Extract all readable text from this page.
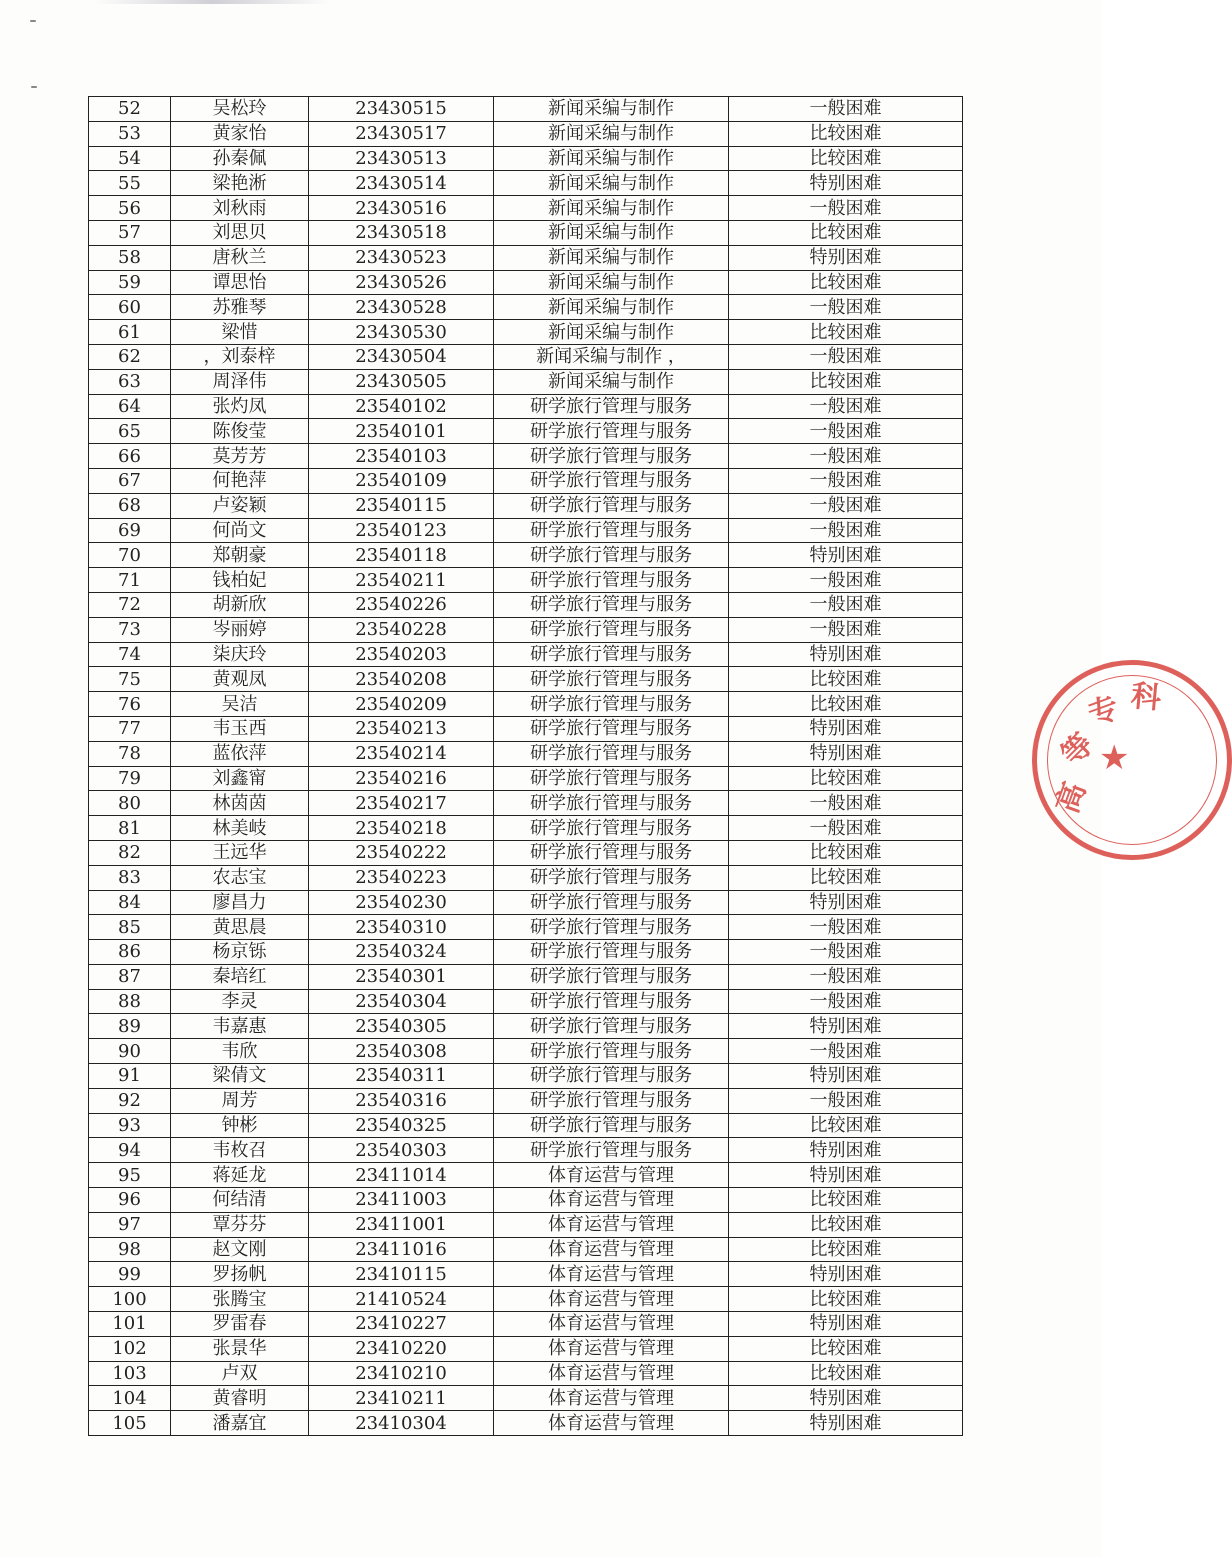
52	吴松玲	23430515	新闻采编与制作	一般困难
53	黄家怡	23430517	新闻采编与制作	比较困难
54	孙秦佩	23430513	新闻采编与制作	比较困难
55	梁艳淅	23430514	新闻采编与制作	特别困难
56	刘秋雨	23430516	新闻采编与制作	一般困难
57	刘思贝	23430518	新闻采编与制作	比较困难
58	唐秋兰	23430523	新闻采编与制作	特别困难
59	谭思怡	23430526	新闻采编与制作	比较困难
60	苏雅琴	23430528	新闻采编与制作	一般困难
61	梁惜	23430530	新闻采编与制作	比较困难
62	，刘泰梓	23430504	新闻采编与制作 ，	一般困难
63	周泽伟	23430505	新闻采编与制作	比较困难
64	张灼凤	23540102	研学旅行管理与服务	一般困难
65	陈俊莹	23540101	研学旅行管理与服务	一般困难
66	莫芳芳	23540103	研学旅行管理与服务	一般困难
67	何艳萍	23540109	研学旅行管理与服务	一般困难
68	卢姿颖	23540115	研学旅行管理与服务	一般困难
69	何尚文	23540123	研学旅行管理与服务	一般困难
70	郑朝豪	23540118	研学旅行管理与服务	特别困难
71	钱柏妃	23540211	研学旅行管理与服务	一般困难
72	胡新欣	23540226	研学旅行管理与服务	一般困难
73	岑丽婷	23540228	研学旅行管理与服务	一般困难
74	柒庆玲	23540203	研学旅行管理与服务	特别困难
75	黄观凤	23540208	研学旅行管理与服务	比较困难
76	吴洁	23540209	研学旅行管理与服务	比较困难
77	韦玉西	23540213	研学旅行管理与服务	特别困难
78	蓝依萍	23540214	研学旅行管理与服务	特别困难
79	刘鑫甯	23540216	研学旅行管理与服务	比较困难
80	林茵茵	23540217	研学旅行管理与服务	一般困难
81	林美岐	23540218	研学旅行管理与服务	一般困难
82	王远华	23540222	研学旅行管理与服务	比较困难
83	农志宝	23540223	研学旅行管理与服务	比较困难
84	廖昌力	23540230	研学旅行管理与服务	特别困难
85	黄思晨	23540310	研学旅行管理与服务	一般困难
86	杨京铄	23540324	研学旅行管理与服务	一般困难
87	秦培红	23540301	研学旅行管理与服务	一般困难
88	李灵	23540304	研学旅行管理与服务	一般困难
89	韦嘉惠	23540305	研学旅行管理与服务	特别困难
90	韦欣	23540308	研学旅行管理与服务	一般困难
91	梁倩文	23540311	研学旅行管理与服务	特别困难
92	周芳	23540316	研学旅行管理与服务	一般困难
93	钟彬	23540325	研学旅行管理与服务	比较困难
94	韦枚召	23540303	研学旅行管理与服务	特别困难
95	蒋延龙	23411014	体育运营与管理	特别困难
96	何结清	23411003	体育运营与管理	比较困难
97	覃芬芬	23411001	体育运营与管理	比较困难
98	赵文刚	23411016	体育运营与管理	比较困难
99	罗扬帆	23410115	体育运营与管理	特别困难
100	张腾宝	21410524	体育运营与管理	比较困难
101	罗雷春	23410227	体育运营与管理	特别困难
102	张景华	23410220	体育运营与管理	比较困难
103	卢双	23410210	体育运营与管理	比较困难
104	黄睿明	23410211	体育运营与管理	特别困难
105	潘嘉宜	23410304	体育运营与管理	特别困难
高
等
专 科
★
